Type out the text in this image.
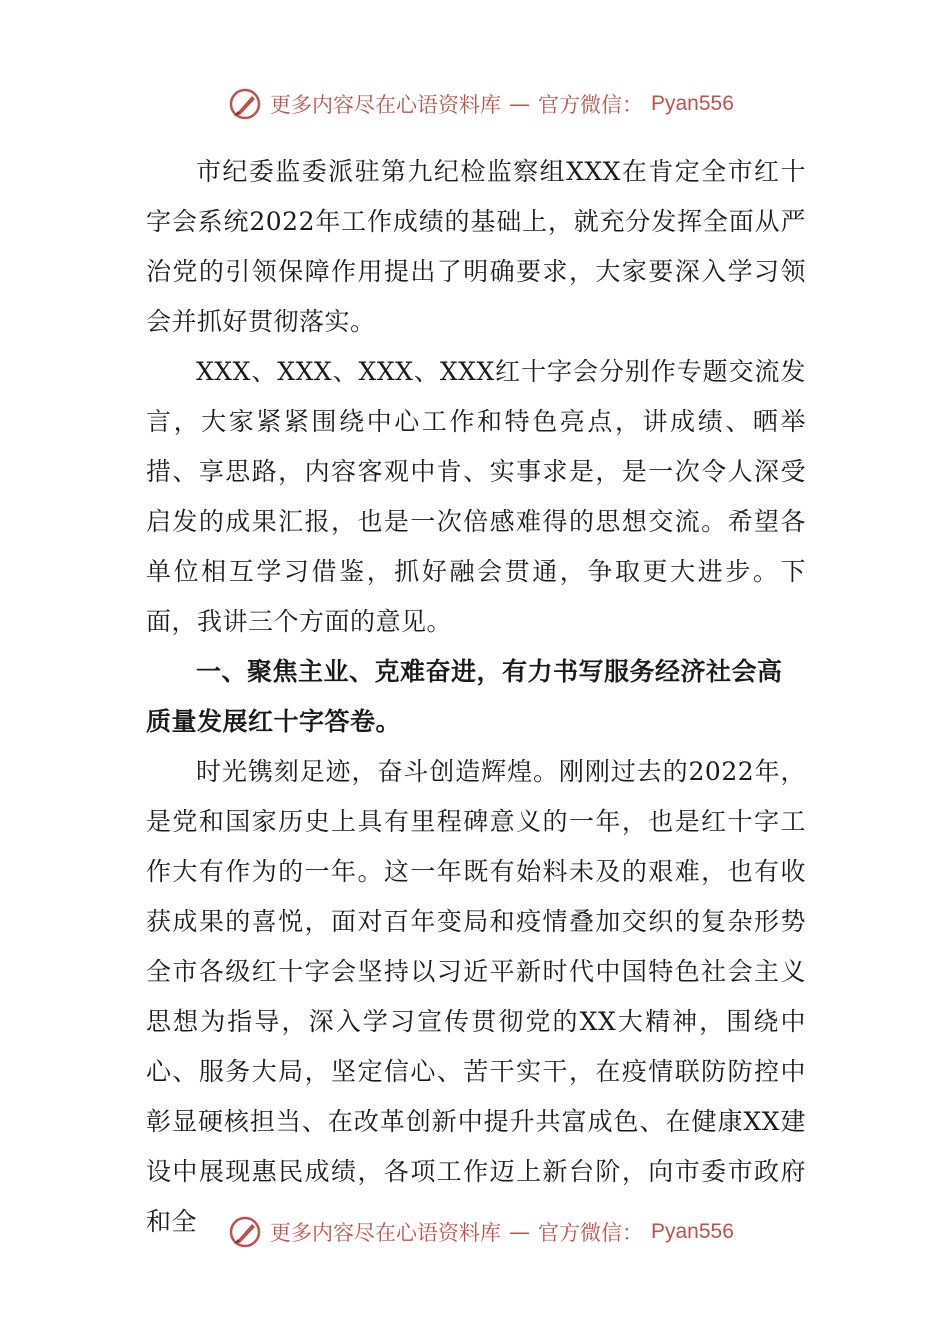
更多内容尽在心语资料库 — 官方微信： Pyan556

市纪委监委派驻第九纪检监察组XXX在肯定全市红十字会系统2022年工作成绩的基础上，就充分发挥全面从严治党的引领保障作用提出了明确要求，大家要深入学习领会并抓好贯彻落实。

XXX、XXX、XXX、XXX红十字会分别作专题交流发言，大家紧紧围绕中心工作和特色亮点，讲成绩、晒举措、享思路，内容客观中肯、实事求是，是一次令人深受启发的成果汇报，也是一次倍感难得的思想交流。希望各单位相互学习借鉴，抓好融会贯通，争取更大进步。下面，我讲三个方面的意见。

一、聚焦主业、克难奋进，有力书写服务经济社会高质量发展红十字答卷。

时光镌刻足迹，奋斗创造辉煌。刚刚过去的2022年，是党和国家历史上具有里程碑意义的一年，也是红十字工作大有作为的一年。这一年既有始料未及的艰难，也有收获成果的喜悦，面对百年变局和疫情叠加交织的复杂形势全市各级红十字会坚持以习近平新时代中国特色社会主义思想为指导，深入学习宣传贯彻党的XX大精神，围绕中心、服务大局，坚定信心、苦干实干，在疫情联防防控中彰显硬核担当、在改革创新中提升共富成色、在健康XX建设中展现惠民成绩，各项工作迈上新台阶，向市委市政府和全	更多内容尽在心语资料库 — 官方微信： Pyan556
